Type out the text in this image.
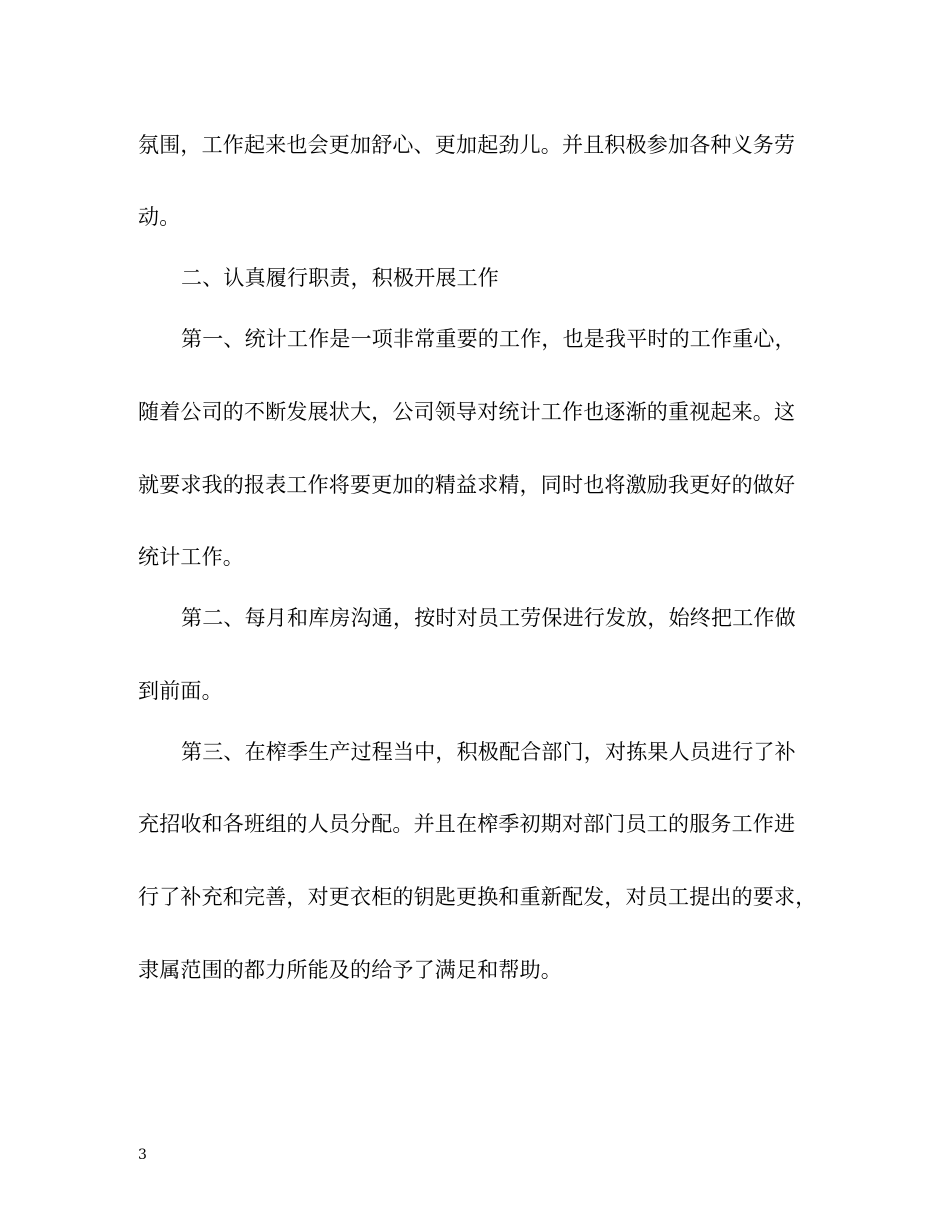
氛围，工作起来也会更加舒心、更加起劲儿。并且积极参加各种义务劳
动。
二、认真履行职责，积极开展工作
第一、统计工作是一项非常重要的工作，也是我平时的工作重心，
随着公司的不断发展状大，公司领导对统计工作也逐渐的重视起来。这
就要求我的报表工作将要更加的精益求精，同时也将激励我更好的做好
统计工作。
第二、每月和库房沟通，按时对员工劳保进行发放，始终把工作做
到前面。
第三、在榨季生产过程当中，积极配合部门，对拣果人员进行了补
充招收和各班组的人员分配。并且在榨季初期对部门员工的服务工作进
行了补充和完善，对更衣柜的钥匙更换和重新配发，对员工提出的要求，
隶属范围的都力所能及的给予了满足和帮助。
3
